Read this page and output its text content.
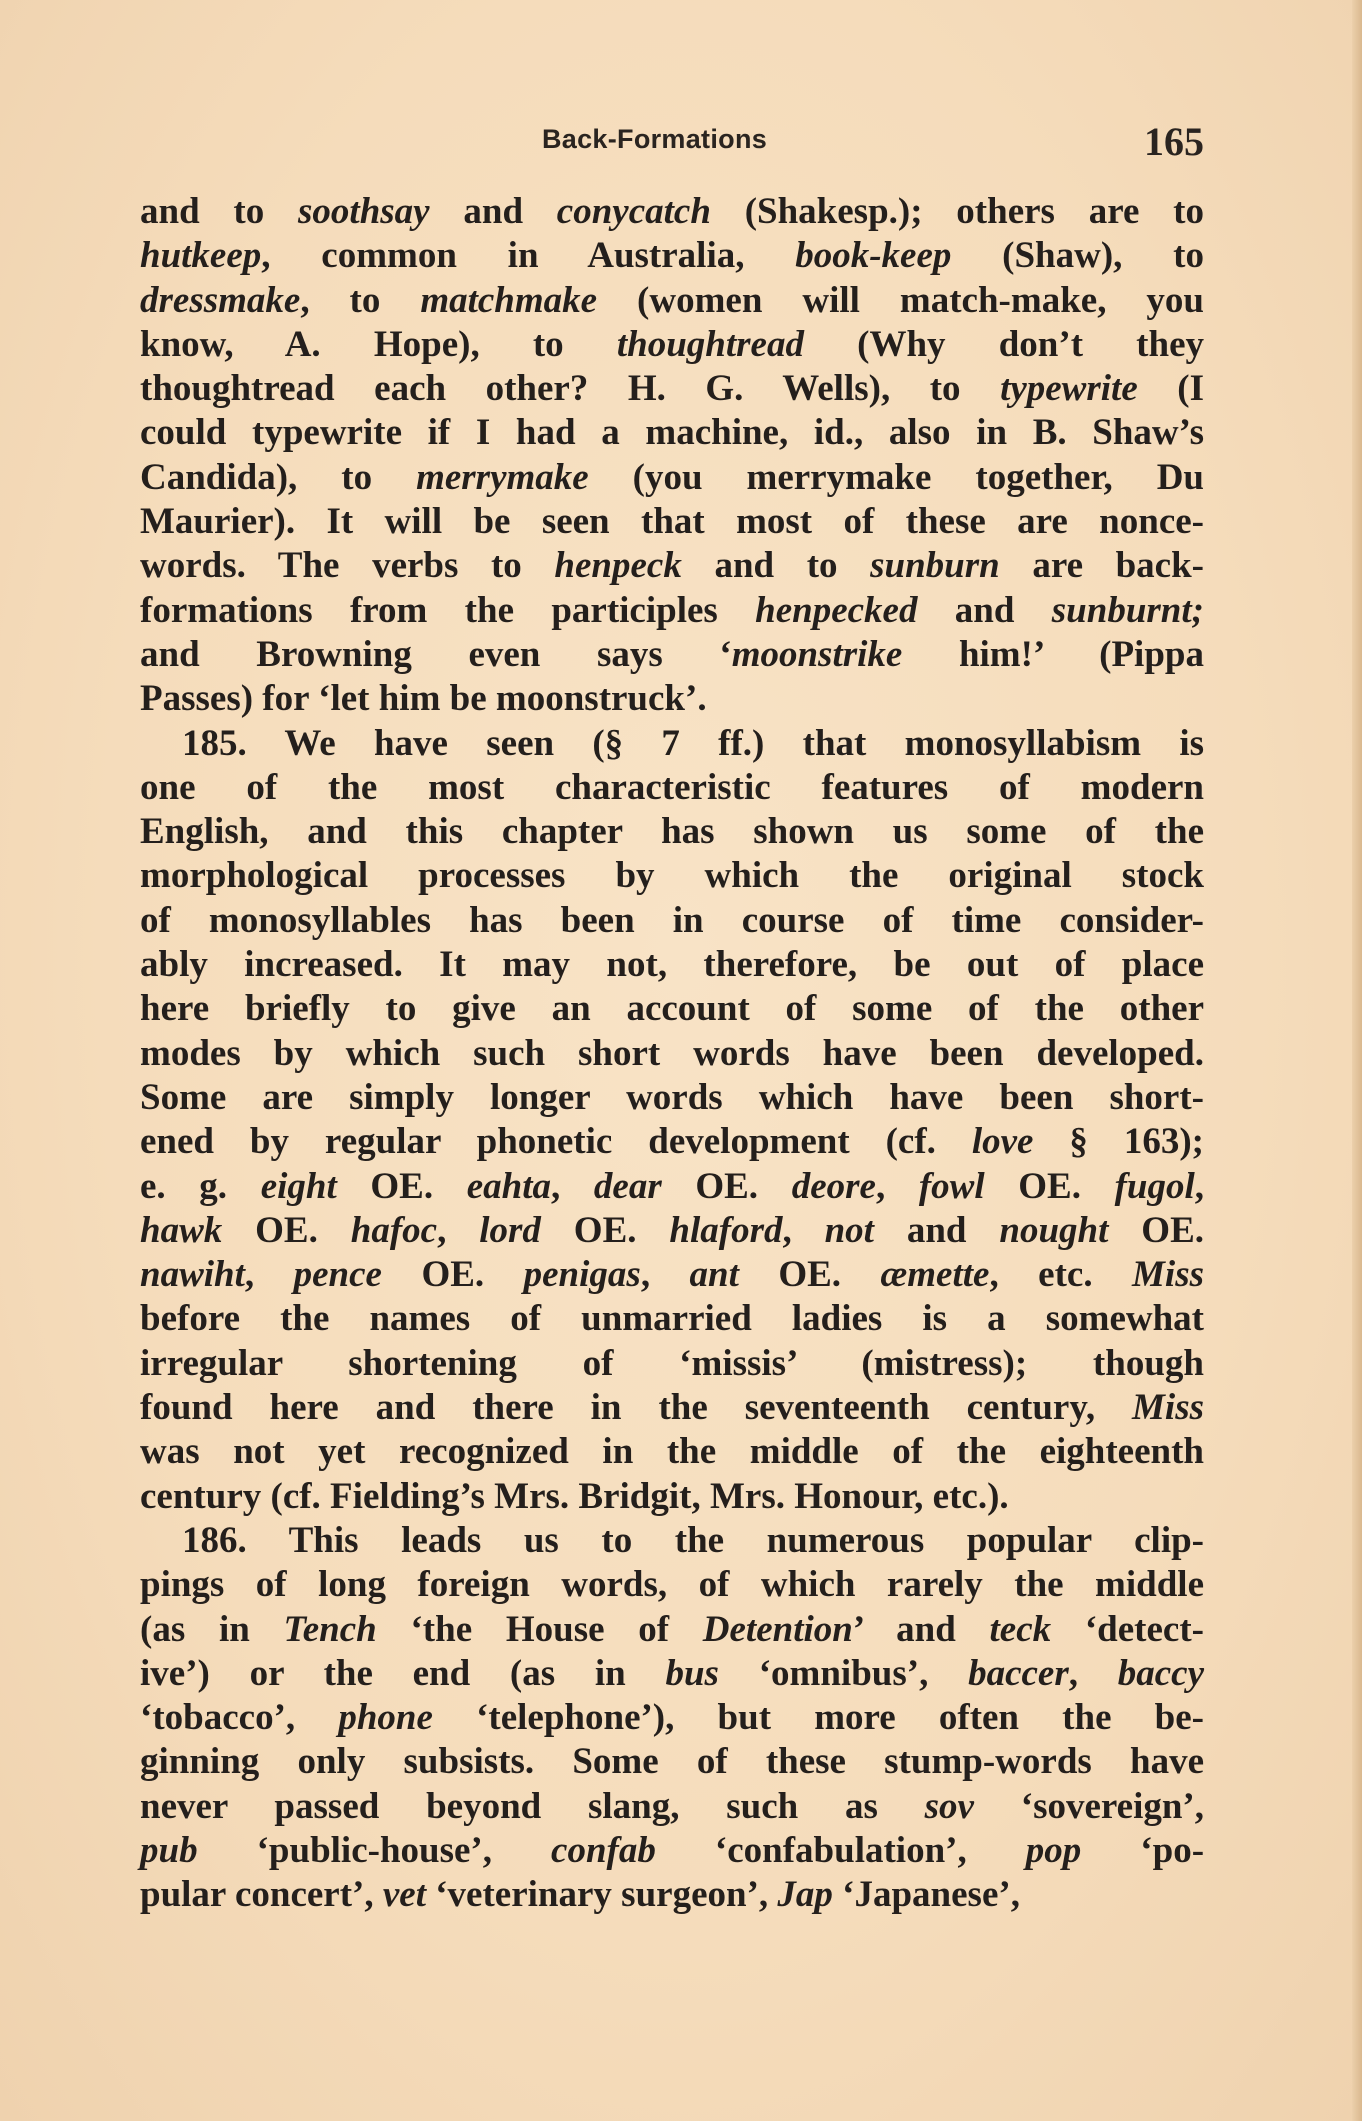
Back-Formations	165
and to soothsay and conycatch (Shakesp.); others are to
hutkeep, common in Australia, book-keep (Shaw), to
dressmake, to matchmake (women will match-make, you
know, A. Hope), to thoughtread (Why don’t they
thoughtread each other? H. G. Wells), to typewrite (I
could typewrite if I had a machine, id., also in B. Shaw’s
Candida), to merrymake (you merrymake together, Du
Maurier). It will be seen that most of these are nonce-
words. The verbs to henpeck and to sunburn are back-
formations from the participles henpecked and sunburnt;
and Browning even says ‘moonstrike him!’ (Pippa
Passes) for ‘let him be moonstruck’.
185. We have seen (§ 7 ff.) that monosyllabism is
one of the most characteristic features of modern
English, and this chapter has shown us some of the
morphological processes by which the original stock
of monosyllables has been in course of time consider-
ably increased. It may not, therefore, be out of place
here briefly to give an account of some of the other
modes by which such short words have been developed.
Some are simply longer words which have been short-
ened by regular phonetic development (cf. love § 163);
e. g. eight OE. eahta, dear OE. deore, fowl OE. fugol,
hawk OE. hafoc, lord OE. hlaford, not and nought OE.
nawiht, pence OE. penigas, ant OE. æmette, etc. Miss
before the names of unmarried ladies is a somewhat
irregular shortening of ‘missis’ (mistress); though
found here and there in the seventeenth century, Miss
was not yet recognized in the middle of the eighteenth
century (cf. Fielding’s Mrs. Bridgit, Mrs. Honour, etc.).
186. This leads us to the numerous popular clip-
pings of long foreign words, of which rarely the middle
(as in Tench ‘the House of Detention’ and teck ‘detect-
ive’) or the end (as in bus ‘omnibus’, baccer, baccy
‘tobacco’, phone ‘telephone’), but more often the be-
ginning only subsists. Some of these stump-words have
never passed beyond slang, such as sov ‘sovereign’,
pub ‘public-house’, confab ‘confabulation’, pop ‘po-
pular concert’, vet ‘veterinary surgeon’, Jap ‘Japanese’,
